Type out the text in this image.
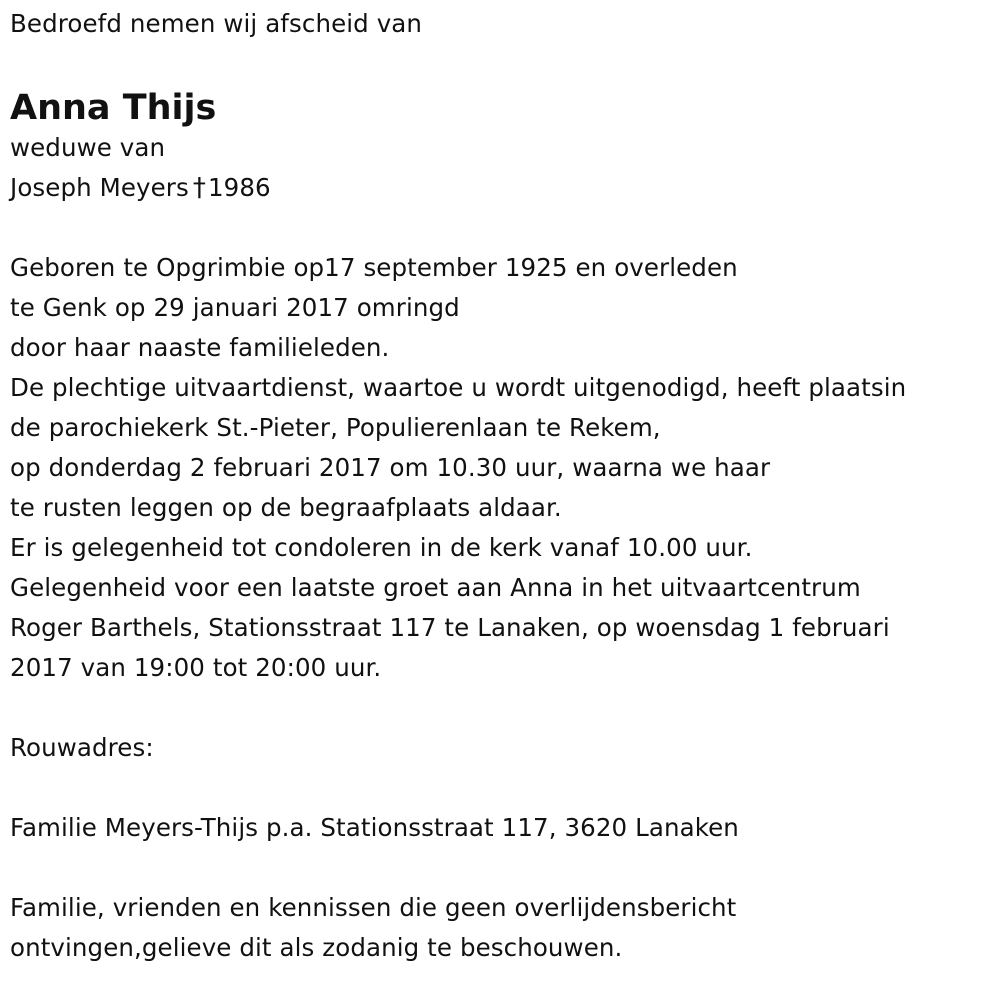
Bedroefd nemen wij afscheid van
Anna Thijs
weduwe van
Joseph Meyers †1986
Geboren te Opgrimbie op17 september 1925 en overleden
te Genk op 29 januari 2017 omringd
door haar naaste familieleden.
De plechtige uitvaartdienst, waartoe u wordt uitgenodigd, heeft plaatsin
de parochiekerk St.-Pieter, Populierenlaan te Rekem,
op donderdag 2 februari 2017 om 10.30 uur, waarna we haar
te rusten leggen op de begraafplaats aldaar.
Er is gelegenheid tot condoleren in de kerk vanaf 10.00 uur.
Gelegenheid voor een laatste groet aan Anna in het uitvaartcentrum
Roger Barthels, Stationsstraat 117 te Lanaken, op woensdag 1 februari
2017 van 19:00 tot 20:00 uur.
Rouwadres:
Familie Meyers-Thijs p.a. Stationsstraat 117, 3620 Lanaken
Familie, vrienden en kennissen die geen overlijdensbericht
ontvingen,gelieve dit als zodanig te beschouwen.
